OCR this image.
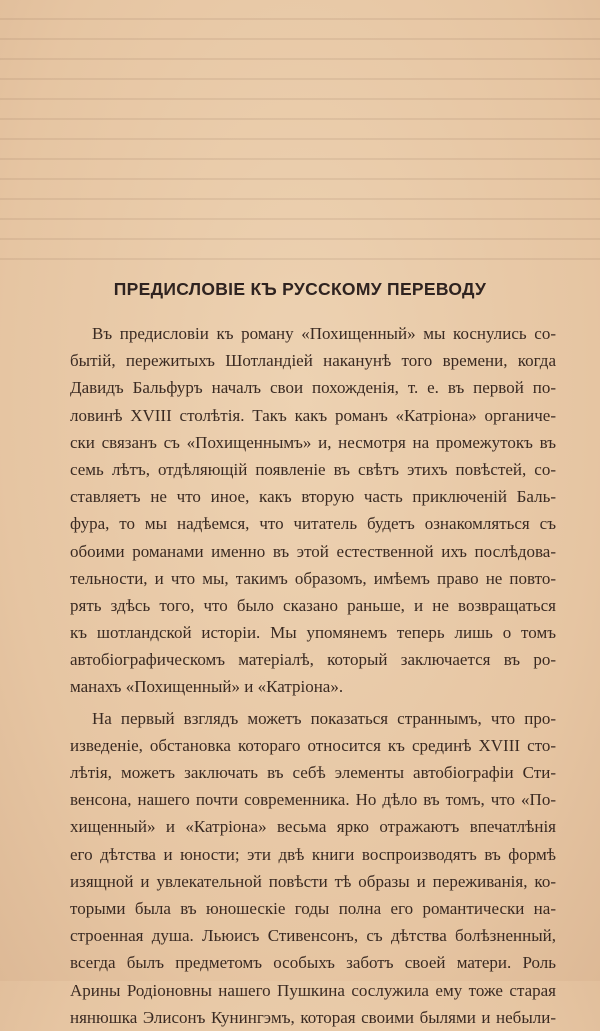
ПРЕДИСЛОВІЕ КЪ РУССКОМУ ПЕРЕВОДУ
Въ предисловіи къ роману «Похищенный» мы коснулись со-
бытій, пережитыхъ Шотландіей наканунѣ того времени, когда
Давидъ Бальфуръ началъ свои похожденія, т. е. въ первой по-
ловинѣ XVIII столѣтія. Такъ какъ романъ «Катріона» органиче-
ски связанъ съ «Похищеннымъ» и, несмотря на промежутокъ въ
семь лѣтъ, отдѣляющій появленіе въ свѣтъ этихъ повѣстей, со-
ставляетъ не что иное, какъ вторую часть приключеній Баль-
фура, то мы надѣемся, что читатель будетъ ознакомляться съ
обоими романами именно въ этой естественной ихъ послѣдова-
тельности, и что мы, такимъ образомъ, имѣемъ право не повто-
рять здѣсь того, что было сказано раньше, и не возвращаться
къ шотландской исторіи. Мы упомянемъ теперь лишь о томъ
автобіографическомъ матеріалѣ, который заключается въ ро-
манахъ «Похищенный» и «Катріона».
На первый взглядъ можетъ показаться страннымъ, что про-
изведеніе, обстановка котораго относится къ срединѣ XVIII сто-
лѣтія, можетъ заключать въ себѣ элементы автобіографіи Сти-
венсона, нашего почти современника. Но дѣло въ томъ, что «По-
хищенный» и «Катріона» весьма ярко отражаютъ впечатлѣнія
его дѣтства и юности; эти двѣ книги воспроизводятъ въ формѣ
изящной и увлекательной повѣсти тѣ образы и переживанія, ко-
торыми была въ юношескіе годы полна его романтически на-
строенная душа. Льюисъ Стивенсонъ, съ дѣтства болѣзненный,
всегда былъ предметомъ особыхъ заботъ своей матери. Роль
Арины Родіоновны нашего Пушкина сослужила ему тоже старая
нянюшка Элисонъ Кунингэмъ, которая своими былями и небыли-
